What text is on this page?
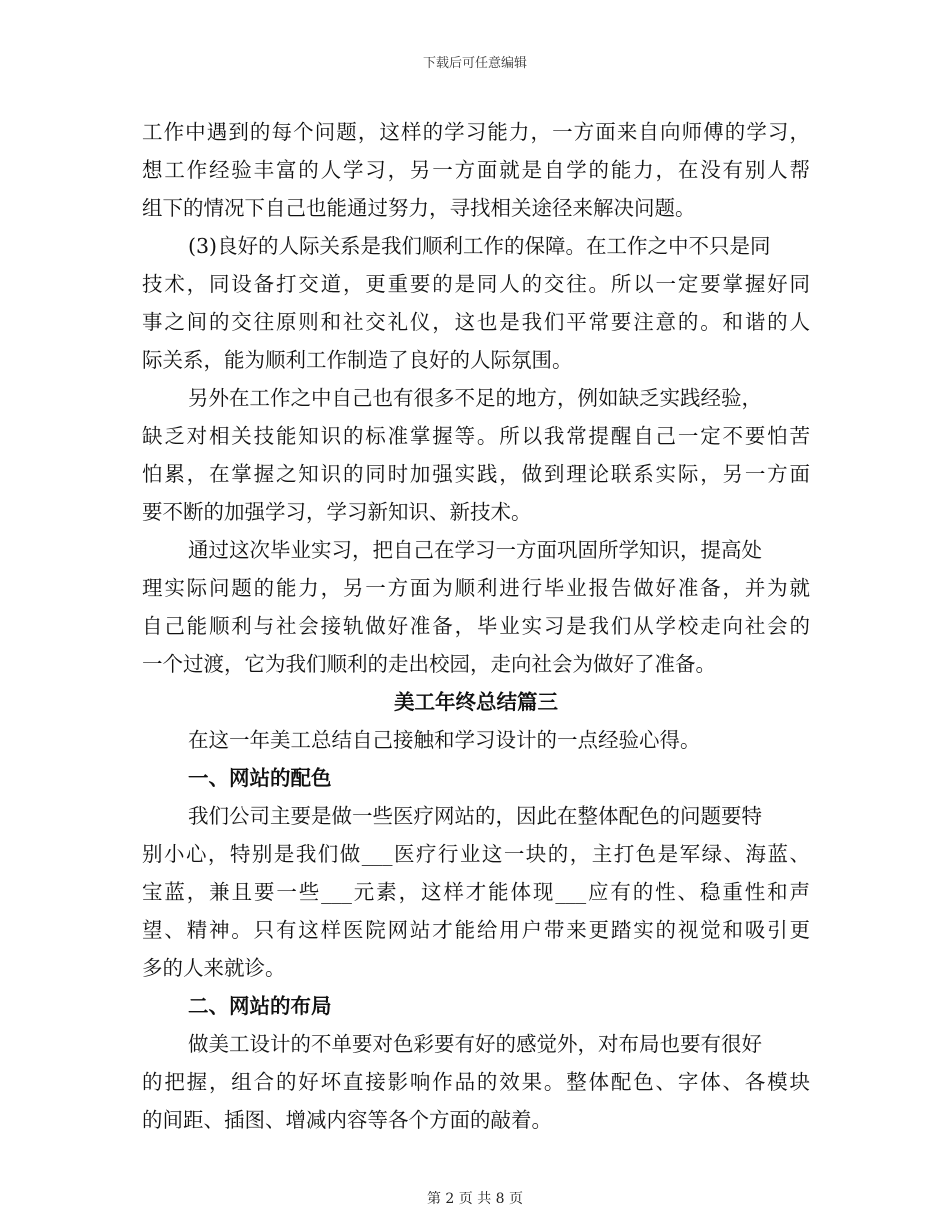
下载后可任意编辑
工作中遇到的每个问题，这样的学习能力，一方面来自向师傅的学习，
想工作经验丰富的人学习，另一方面就是自学的能力，在没有别人帮
组下的情况下自己也能通过努力，寻找相关途径来解决问题。
(3)良好的人际关系是我们顺利工作的保障。在工作之中不只是同
技术，同设备打交道，更重要的是同人的交往。所以一定要掌握好同
事之间的交往原则和社交礼仪，这也是我们平常要注意的。和谐的人
际关系，能为顺利工作制造了良好的人际氛围。
另外在工作之中自己也有很多不足的地方，例如缺乏实践经验，
缺乏对相关技能知识的标准掌握等。所以我常提醒自己一定不要怕苦
怕累，在掌握之知识的同时加强实践，做到理论联系实际，另一方面
要不断的加强学习，学习新知识、新技术。
通过这次毕业实习，把自己在学习一方面巩固所学知识，提高处
理实际问题的能力，另一方面为顺利进行毕业报告做好准备，并为就
自己能顺利与社会接轨做好准备，毕业实习是我们从学校走向社会的
一个过渡，它为我们顺利的走出校园，走向社会为做好了准备。
美工年终总结篇三
在这一年美工总结自己接触和学习设计的一点经验心得。
一、网站的配色
我们公司主要是做一些医疗网站的，因此在整体配色的问题要特
别小心，特别是我们做___医疗行业这一块的，主打色是军绿、海蓝、
宝蓝，兼且要一些___元素，这样才能体现___应有的性、稳重性和声
望、精神。只有这样医院网站才能给用户带来更踏实的视觉和吸引更
多的人来就诊。
二、网站的布局
做美工设计的不单要对色彩要有好的感觉外，对布局也要有很好
的把握，组合的好坏直接影响作品的效果。整体配色、字体、各模块
的间距、插图、增减内容等各个方面的敲着。
第 2 页 共 8 页
